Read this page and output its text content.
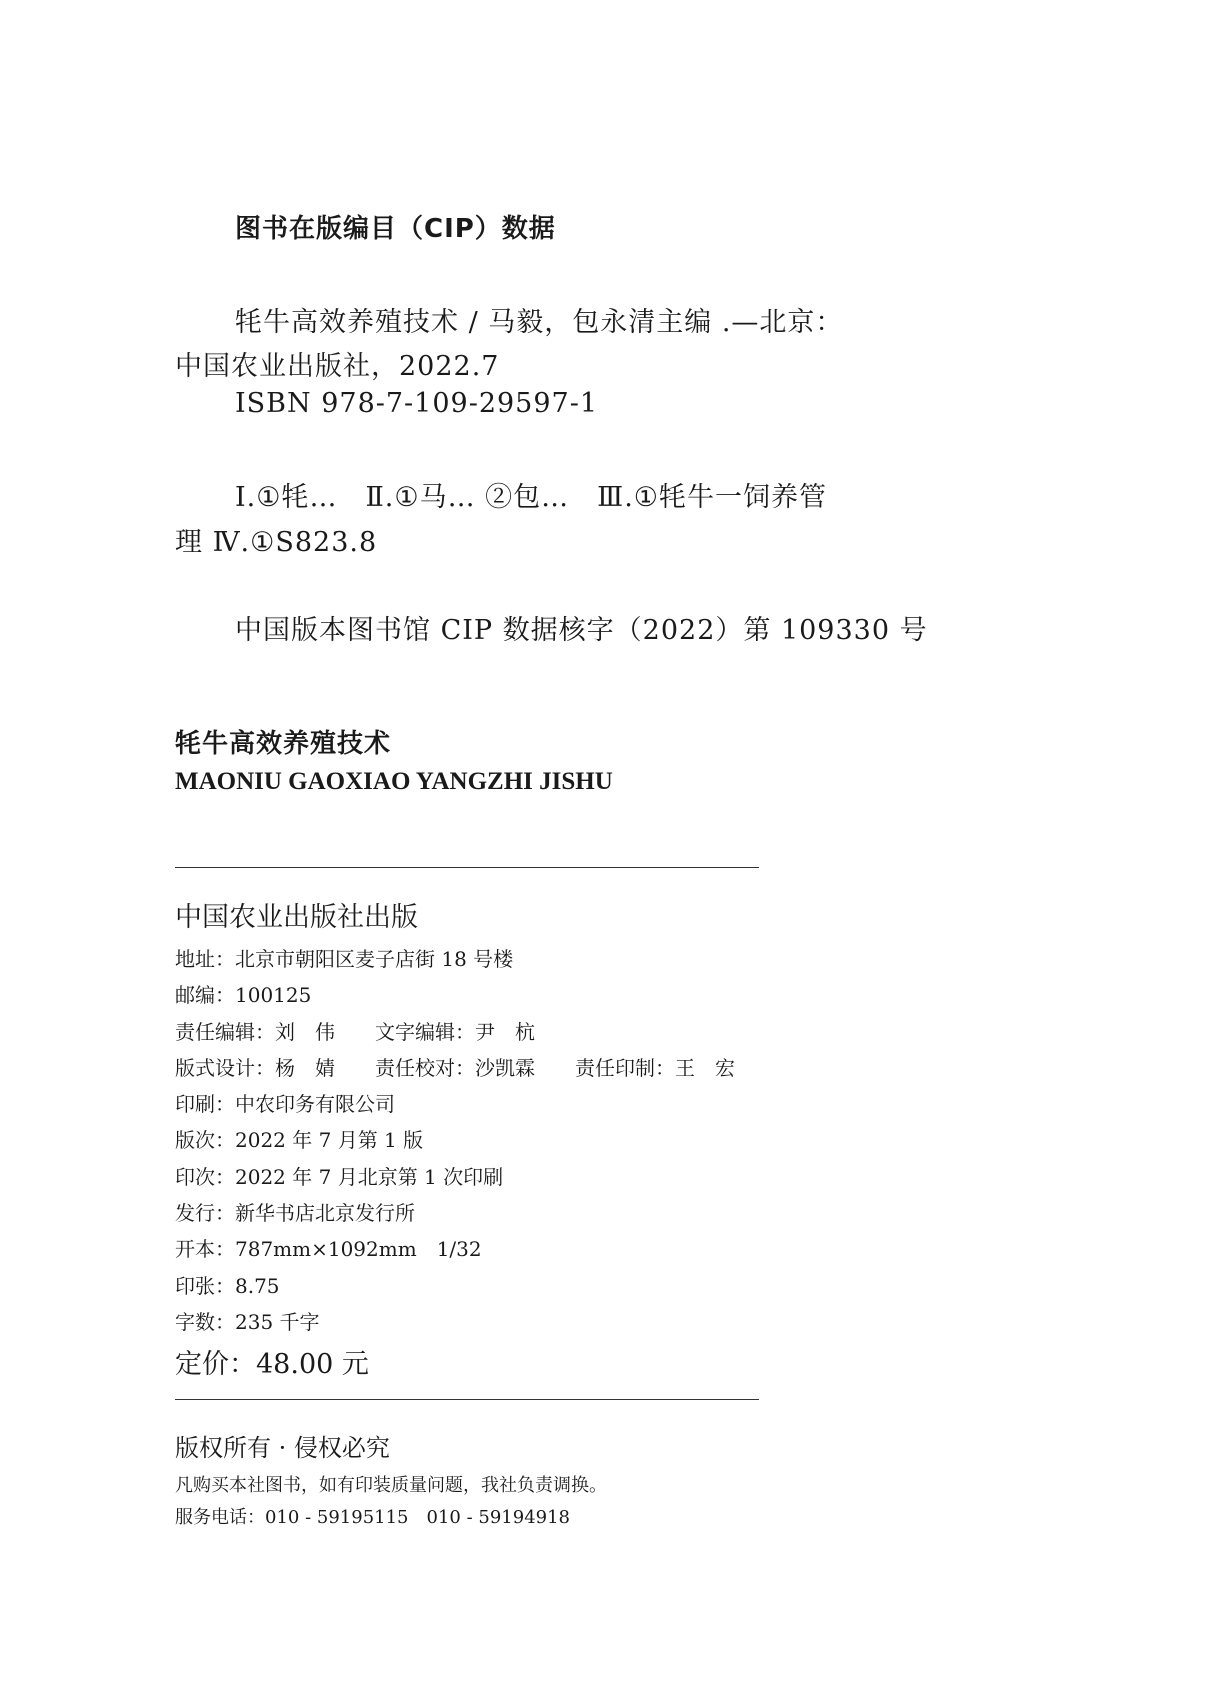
图书在版编目（CIP）数据
牦牛高效养殖技术 / 马毅，包永清主编 .—北京：
中国农业出版社，2022.7
ISBN 978-7-109-29597-1
Ⅰ.①牦…　Ⅱ.①马… ②包…　Ⅲ.①牦牛一饲养管
理 Ⅳ.①S823.8
中国版本图书馆 CIP 数据核字（2022）第 109330 号
牦牛高效养殖技术
MAONIU GAOXIAO YANGZHI JISHU
中国农业出版社出版
地址：北京市朝阳区麦子店街 18 号楼
邮编：100125
责任编辑：刘　伟　　文字编辑：尹　杭
版式设计：杨　婧　　责任校对：沙凯霖　　责任印制：王　宏
印刷：中农印务有限公司
版次：2022 年 7 月第 1 版
印次：2022 年 7 月北京第 1 次印刷
发行：新华书店北京发行所
开本：787mm×1092mm　1/32
印张：8.75
字数：235 千字
定价：48.00 元
版权所有 · 侵权必究
凡购买本社图书，如有印装质量问题，我社负责调换。
服务电话：010 - 59195115　010 - 59194918
